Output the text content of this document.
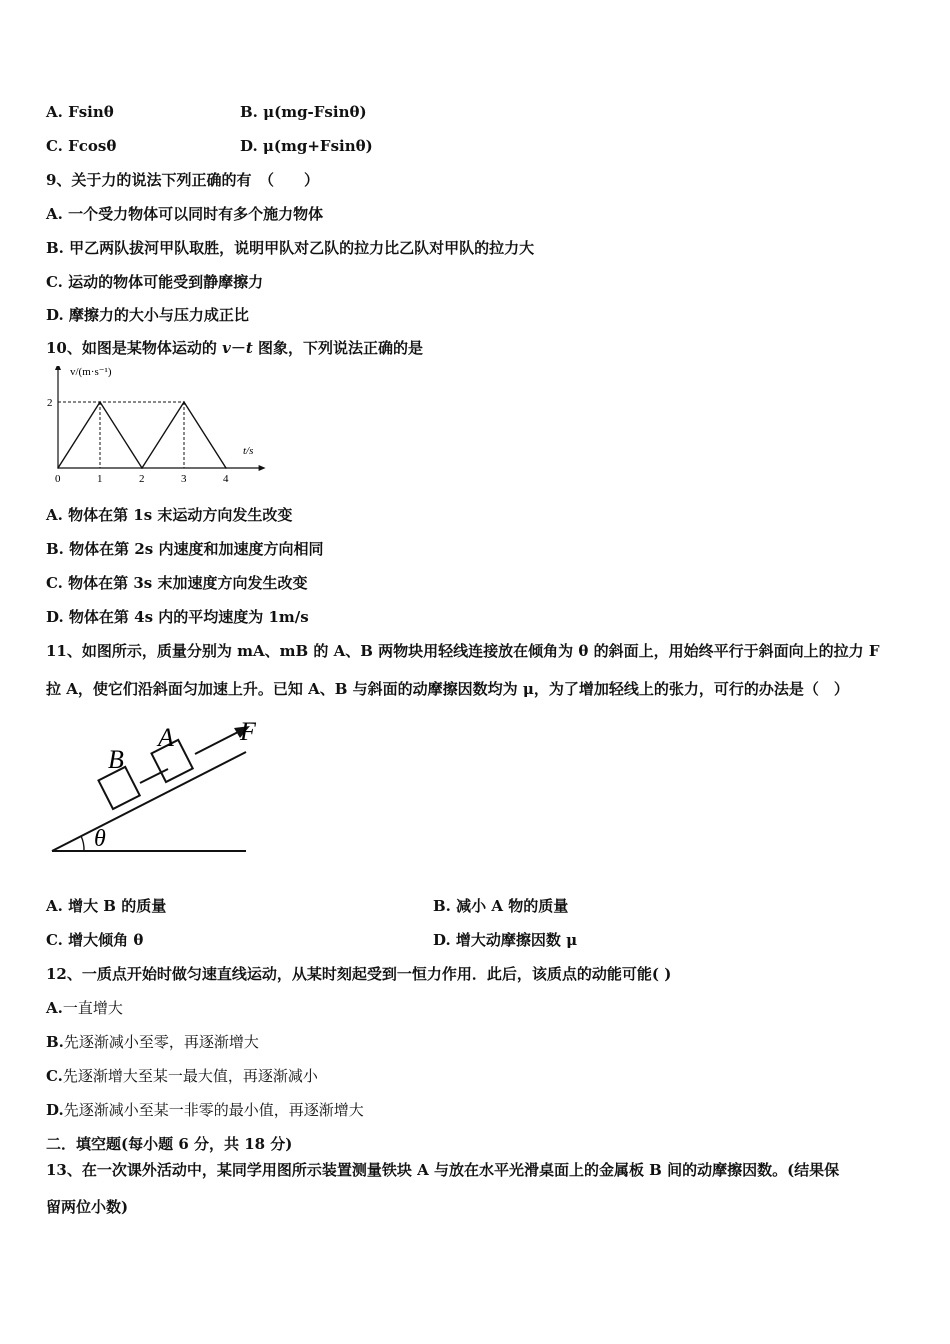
A. Fsinθ	B. μ(mg-Fsinθ)
C. Fcosθ	D. μ(mg+Fsinθ)
9、关于力的说法下列正确的有　（　　）
A. 一个受力物体可以同时有多个施力物体
B. 甲乙两队拔河甲队取胜，说明甲队对乙队的拉力比乙队对甲队的拉力大
C. 运动的物体可能受到静摩擦力
D. 摩擦力的大小与压力成正比
10、如图是某物体运动的 v－t 图象，下列说法正确的是
0	1	2	3	4
2
t/s
v/(m·s⁻¹)
A. 物体在第 1s 末运动方向发生改变
B. 物体在第 2s 内速度和加速度方向相同
C. 物体在第 3s 末加速度方向发生改变
D. 物体在第 4s 内的平均速度为 1m/s
11、如图所示，质量分别为 mA、mB 的 A、B 两物块用轻线连接放在倾角为 θ 的斜面上，用始终平行于斜面向上的拉力 F
拉 A，使它们沿斜面匀加速上升。已知 A、B 与斜面的动摩擦因数均为 μ，为了增加轻线上的张力，可行的办法是（　）
B
A	F
θ
A. 增大 B 的质量	B. 减小 A 物的质量
C. 增大倾角 θ	D. 增大动摩擦因数 μ
12、一质点开始时做匀速直线运动，从某时刻起受到一恒力作用．此后，该质点的动能可能( )
A.一直增大
B.先逐渐减小至零，再逐渐增大
C.先逐渐增大至某一最大值，再逐渐减小
D.先逐渐减小至某一非零的最小值，再逐渐增大
二．填空题(每小题 6 分，共 18 分)
13、在一次课外活动中，某同学用图所示装置测量铁块 A 与放在水平光滑桌面上的金属板 B 间的动摩擦因数。(结果保
留两位小数)
